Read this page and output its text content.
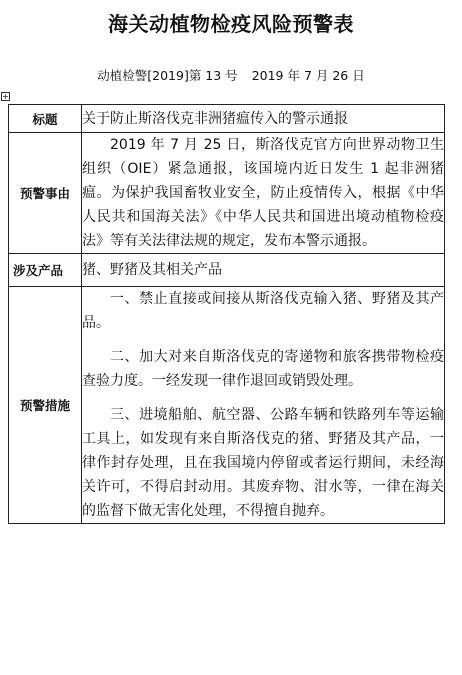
海关动植物检疫风险预警表
动植检警[2019]第 13 号 2019 年 7 月 26 日
+
标题	关于防止斯洛伐克非洲猪瘟传入的警示通报
预警事由	2019 年 7 月 25 日，斯洛伐克官方向世界动物卫生组织（OIE）紧急通报，该国境内近日发生 1 起非洲猪瘟。为保护我国畜牧业安全，防止疫情传入，根据《中华人民共和国海关法》《中华人民共和国进出境动植物检疫法》等有关法律法规的规定，发布本警示通报。

涉及产品	猪、野猪及其相关产品
预警措施	一、禁止直接或间接从斯洛伐克输入猪、野猪及其产品。

二、加大对来自斯洛伐克的寄递物和旅客携带物检疫查验力度。一经发现一律作退回或销毁处理。

三、进境船舶、航空器、公路车辆和铁路列车等运输工具上，如发现有来自斯洛伐克的猪、野猪及其产品，一律作封存处理，且在我国境内停留或者运行期间，未经海关许可，不得启封动用。其废弃物、泔水等，一律在海关的监督下做无害化处理，不得擅自抛弃。
